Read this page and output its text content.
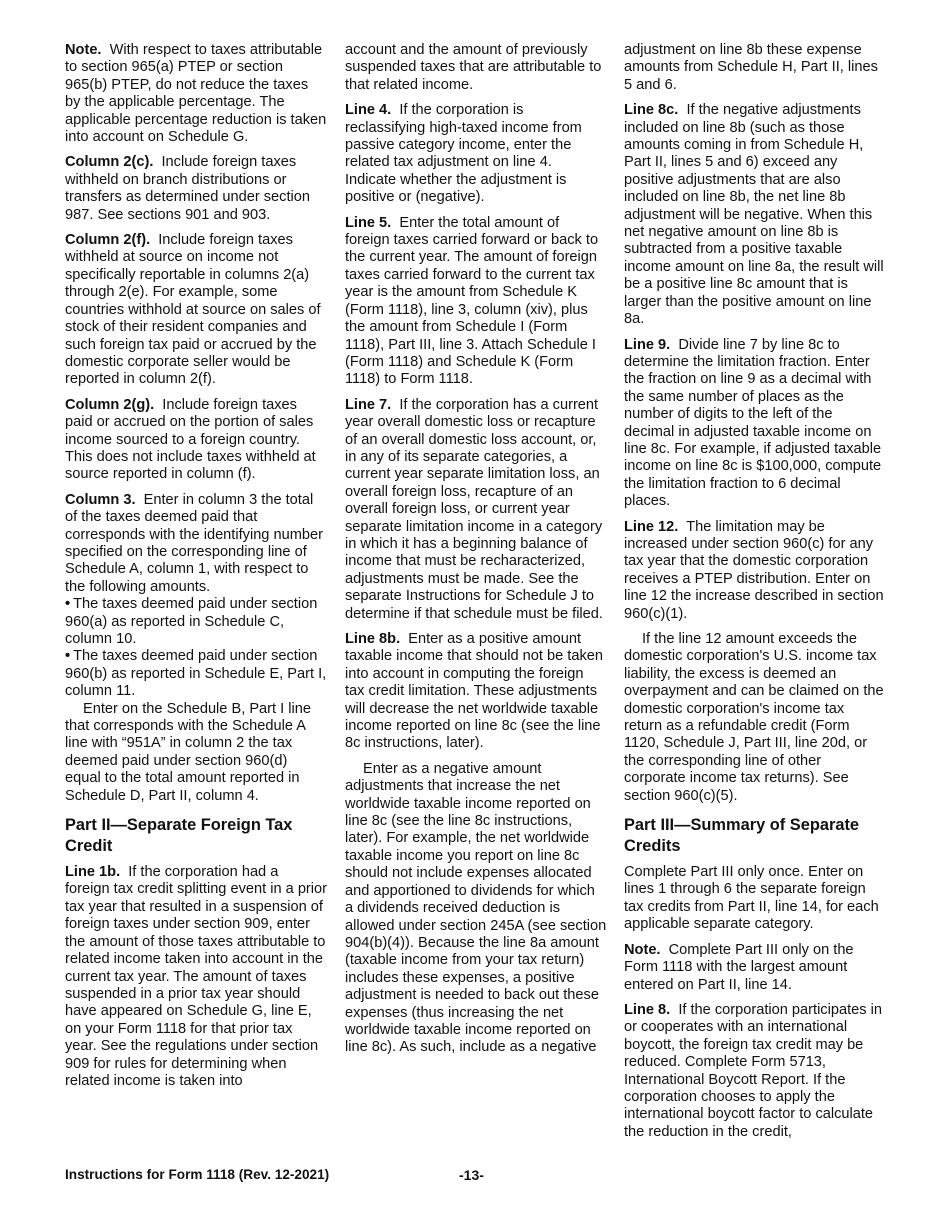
Note. With respect to taxes attributable to section 965(a) PTEP or section 965(b) PTEP, do not reduce the taxes by the applicable percentage. The applicable percentage reduction is taken into account on Schedule G.

Column 2(c). Include foreign taxes withheld on branch distributions or transfers as determined under section 987. See sections 901 and 903.

Column 2(f). Include foreign taxes withheld at source on income not specifically reportable in columns 2(a) through 2(e). For example, some countries withhold at source on sales of stock of their resident companies and such foreign tax paid or accrued by the domestic corporate seller would be reported in column 2(f).

Column 2(g). Include foreign taxes paid or accrued on the portion of sales income sourced to a foreign country. This does not include taxes withheld at source reported in column (f).

Column 3. Enter in column 3 the total of the taxes deemed paid that corresponds with the identifying number specified on the corresponding line of Schedule A, column 1, with respect to the following amounts.

• The taxes deemed paid under section 960(a) as reported in Schedule C, column 10.
• The taxes deemed paid under section 960(b) as reported in Schedule E, Part I, column 11.

Enter on the Schedule B, Part I line that corresponds with the Schedule A line with “951A” in column 2 the tax deemed paid under section 960(d) equal to the total amount reported in Schedule D, Part II, column 4.

Part II—Separate Foreign Tax Credit

Line 1b. If the corporation had a foreign tax credit splitting event in a prior tax year that resulted in a suspension of foreign taxes under section 909, enter the amount of those taxes attributable to related income taken into account in the current tax year. The amount of taxes suspended in a prior tax year should have appeared on Schedule G, line E, on your Form 1118 for that prior tax year. See the regulations under section 909 for rules for determining when related income is taken into

account and the amount of previously suspended taxes that are attributable to that related income.

Line 4. If the corporation is reclassifying high-taxed income from passive category income, enter the related tax adjustment on line 4. Indicate whether the adjustment is positive or (negative).

Line 5. Enter the total amount of foreign taxes carried forward or back to the current year. The amount of foreign taxes carried forward to the current tax year is the amount from Schedule K (Form 1118), line 3, column (xiv), plus the amount from Schedule I (Form 1118), Part III, line 3. Attach Schedule I (Form 1118) and Schedule K (Form 1118) to Form 1118.

Line 7. If the corporation has a current year overall domestic loss or recapture of an overall domestic loss account, or, in any of its separate categories, a current year separate limitation loss, an overall foreign loss, recapture of an overall foreign loss, or current year separate limitation income in a category in which it has a beginning balance of income that must be recharacterized, adjustments must be made. See the separate Instructions for Schedule J to determine if that schedule must be filed.

Line 8b. Enter as a positive amount taxable income that should not be taken into account in computing the foreign tax credit limitation. These adjustments will decrease the net worldwide taxable income reported on line 8c (see the line 8c instructions, later).

Enter as a negative amount adjustments that increase the net worldwide taxable income reported on line 8c (see the line 8c instructions, later). For example, the net worldwide taxable income you report on line 8c should not include expenses allocated and apportioned to dividends for which a dividends received deduction is allowed under section 245A (see section 904(b)(4)). Because the line 8a amount (taxable income from your tax return) includes these expenses, a positive adjustment is needed to back out these expenses (thus increasing the net worldwide taxable income reported on line 8c). As such, include as a negative

adjustment on line 8b these expense amounts from Schedule H, Part II, lines 5 and 6.

Line 8c. If the negative adjustments included on line 8b (such as those amounts coming in from Schedule H, Part II, lines 5 and 6) exceed any positive adjustments that are also included on line 8b, the net line 8b adjustment will be negative. When this net negative amount on line 8b is subtracted from a positive taxable income amount on line 8a, the result will be a positive line 8c amount that is larger than the positive amount on line 8a.

Line 9. Divide line 7 by line 8c to determine the limitation fraction. Enter the fraction on line 9 as a decimal with the same number of places as the number of digits to the left of the decimal in adjusted taxable income on line 8c. For example, if adjusted taxable income on line 8c is $100,000, compute the limitation fraction to 6 decimal places.

Line 12. The limitation may be increased under section 960(c) for any tax year that the domestic corporation receives a PTEP distribution. Enter on line 12 the increase described in section 960(c)(1).

If the line 12 amount exceeds the domestic corporation's U.S. income tax liability, the excess is deemed an overpayment and can be claimed on the domestic corporation's income tax return as a refundable credit (Form 1120, Schedule J, Part III, line 20d, or the corresponding line of other corporate income tax returns). See section 960(c)(5).

Part III—Summary of Separate Credits

Complete Part III only once. Enter on lines 1 through 6 the separate foreign tax credits from Part II, line 14, for each applicable separate category.

Note. Complete Part III only on the Form 1118 with the largest amount entered on Part II, line 14.

Line 8. If the corporation participates in or cooperates with an international boycott, the foreign tax credit may be reduced. Complete Form 5713, International Boycott Report. If the corporation chooses to apply the international boycott factor to calculate the reduction in the credit,

Instructions for Form 1118 (Rev. 12-2021)	-13-
